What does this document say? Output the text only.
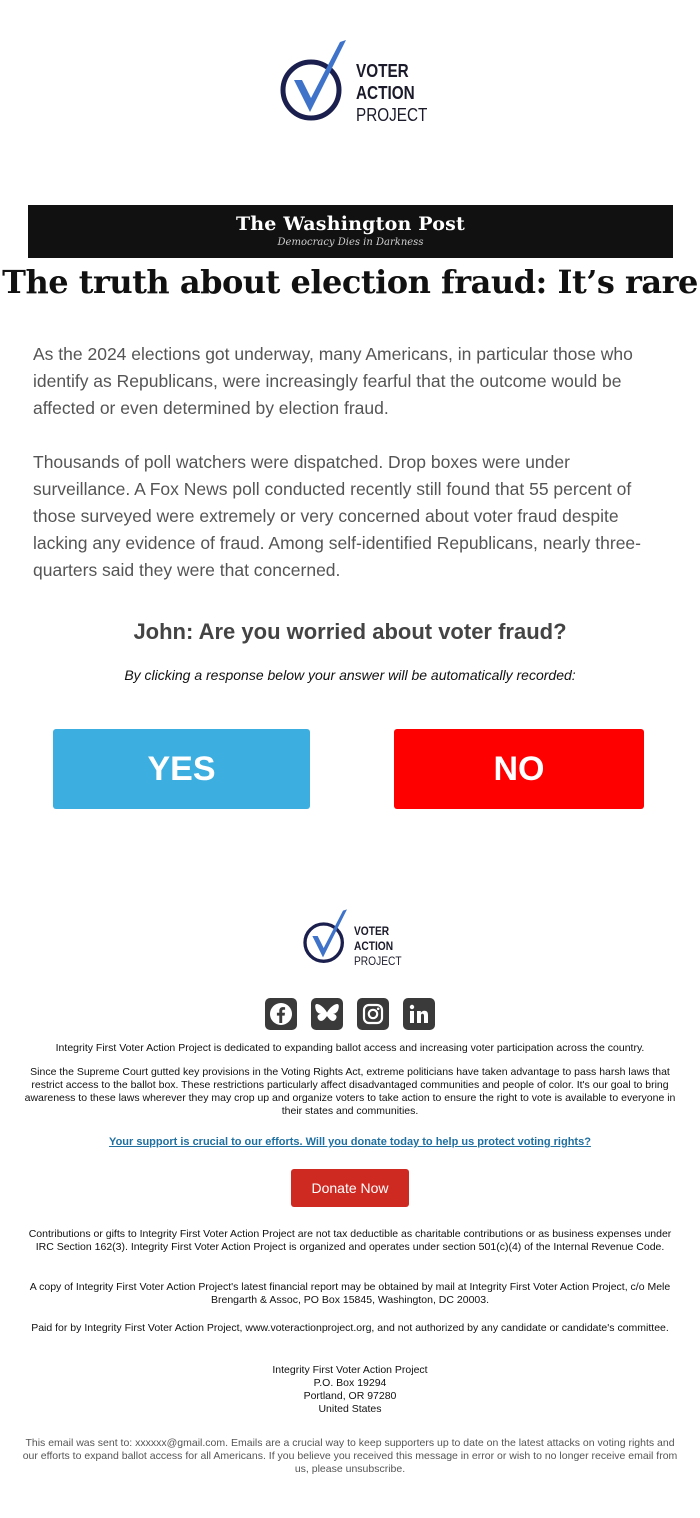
VOTER
ACTION
PROJECT
The Washington Post
Democracy Dies in Darkness
The truth about election fraud: It’s rare
As the 2024 elections got underway, many Americans, in particular those who identify as Republicans, were increasingly fearful that the outcome would be affected or even determined by election fraud.
Thousands of poll watchers were dispatched. Drop boxes were under surveillance. A Fox News poll conducted recently still found that 55 percent of those surveyed were extremely or very concerned about voter fraud despite lacking any evidence of fraud. Among self-identified Republicans, nearly three-quarters said they were that concerned.
John: Are you worried about voter fraud?
By clicking a response below your answer will be automatically recorded:
YES	NO
VOTER
ACTION
PROJECT
Integrity First Voter Action Project is dedicated to expanding ballot access and increasing voter participation across the country.
Since the Supreme Court gutted key provisions in the Voting Rights Act, extreme politicians have taken advantage to pass harsh laws that restrict access to the ballot box. These restrictions particularly affect disadvantaged communities and people of color. It's our goal to bring awareness to these laws wherever they may crop up and organize voters to take action to ensure the right to vote is available to everyone in their states and communities.
Your support is crucial to our efforts. Will you donate today to help us protect voting rights?
Donate Now
Contributions or gifts to Integrity First Voter Action Project are not tax deductible as charitable contributions or as business expenses under IRC Section 162(3). Integrity First Voter Action Project is organized and operates under section 501(c)(4) of the Internal Revenue Code.
A copy of Integrity First Voter Action Project's latest financial report may be obtained by mail at Integrity First Voter Action Project, c/o Mele Brengarth & Assoc, PO Box 15845, Washington, DC 20003.
Paid for by Integrity First Voter Action Project, www.voteractionproject.org, and not authorized by any candidate or candidate's committee.
Integrity First Voter Action Project
P.O. Box 19294
Portland, OR 97280
United States
This email was sent to: xxxxxx@gmail.com. Emails are a crucial way to keep supporters up to date on the latest attacks on voting rights and our efforts to expand ballot access for all Americans. If you believe you received this message in error or wish to no longer receive email from us, please unsubscribe.
